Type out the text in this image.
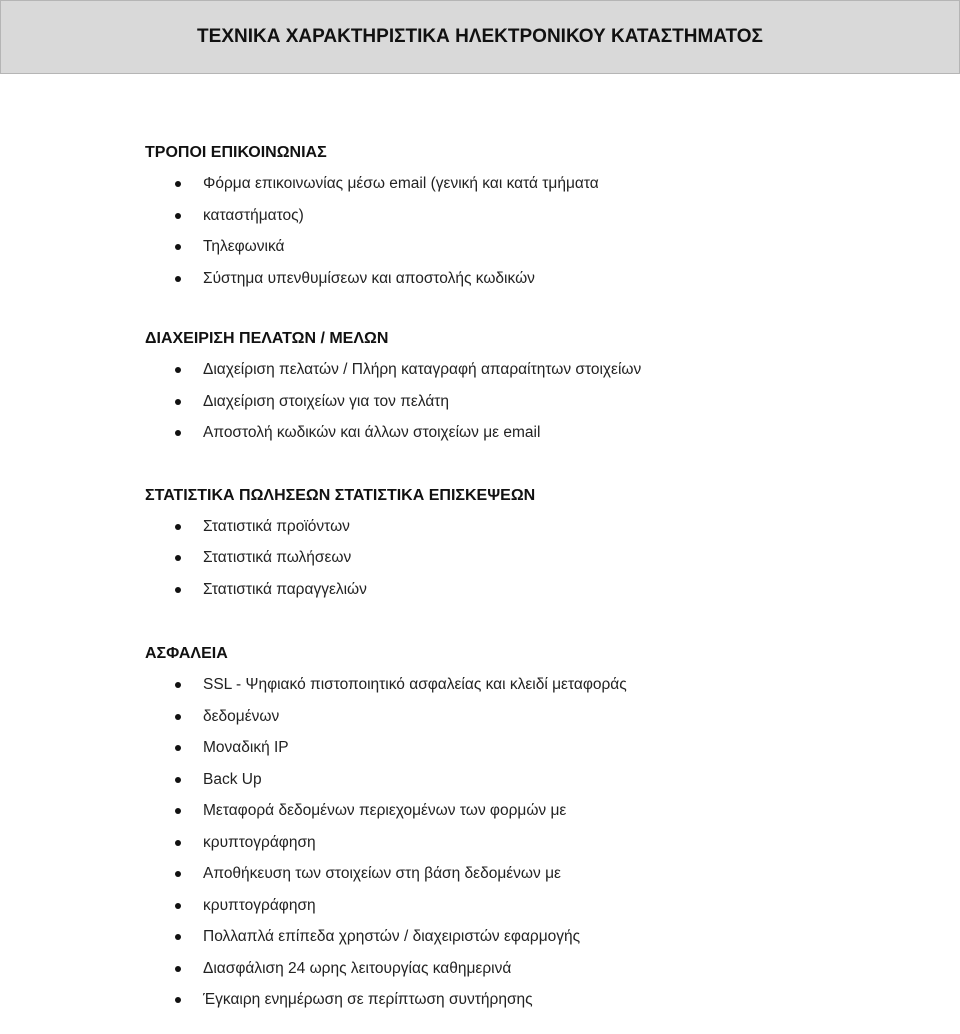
ΤΕΧΝΙΚΑ ΧΑΡΑΚΤΗΡΙΣΤΙΚΑ ΗΛΕΚΤΡΟΝΙΚΟΥ ΚΑΤΑΣΤΗΜΑΤΟΣ
ΤΡΟΠΟΙ ΕΠΙΚΟΙΝΩΝΙΑΣ
Φόρμα επικοινωνίας μέσω email (γενική και κατά τμήματα
καταστήματος)
Τηλεφωνικά
Σύστημα υπενθυμίσεων και αποστολής κωδικών
ΔΙΑΧΕΙΡΙΣΗ ΠΕΛΑΤΩΝ / ΜΕΛΩΝ
Διαχείριση πελατών / Πλήρη καταγραφή απαραίτητων στοιχείων
Διαχείριση στοιχείων για τον πελάτη
Αποστολή κωδικών και άλλων στοιχείων με email
ΣΤΑΤΙΣΤΙΚΑ ΠΩΛΗΣΕΩΝ ΣΤΑΤΙΣΤΙΚΑ ΕΠΙΣΚΕΨΕΩΝ
Στατιστικά προϊόντων
Στατιστικά πωλήσεων
Στατιστικά παραγγελιών
ΑΣΦΑΛΕΙΑ
SSL - Ψηφιακό πιστοποιητικό ασφαλείας και κλειδί μεταφοράς
δεδομένων
Μοναδική IP
Back Up
Μεταφορά δεδομένων περιεχομένων των φορμών με
κρυπτογράφηση
Αποθήκευση των στοιχείων στη βάση δεδομένων με
κρυπτογράφηση
Πολλαπλά επίπεδα χρηστών / διαχειριστών εφαρμογής
Διασφάλιση 24 ωρης λειτουργίας καθημερινά
Έγκαιρη ενημέρωση σε περίπτωση συντήρησης
